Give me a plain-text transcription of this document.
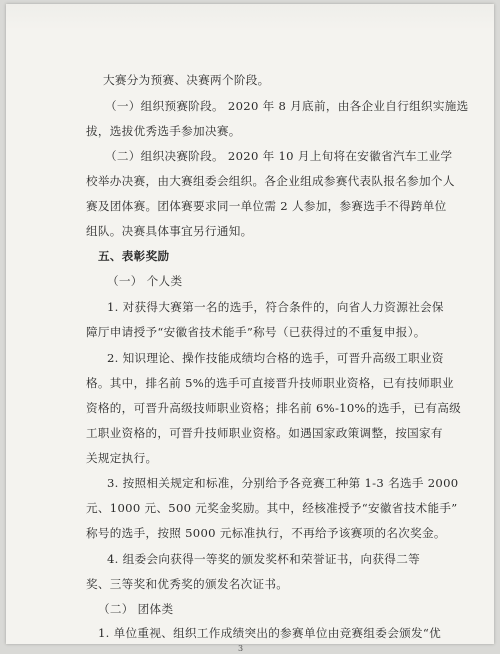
大赛分为预赛、决赛两个阶段。
（一）组织预赛阶段。 2020 年 8 月底前，由各企业自行组织实施选
拔，选拔优秀选手参加决赛。
（二）组织决赛阶段。 2020 年 10 月上旬将在安徽省汽车工业学
校举办决赛，由大赛组委会组织。各企业组成参赛代表队报名参加个人
赛及团体赛。团体赛要求同一单位需 2 人参加，参赛选手不得跨单位
组队。决赛具体事宜另行通知。
五、表彰奖励
（一） 个人类
1. 对获得大赛第一名的选手，符合条件的，向省人力资源社会保
障厅申请授予“安徽省技术能手”称号（已获得过的不重复申报）。
2. 知识理论、操作技能成绩均合格的选手，可晋升高级工职业资
格。其中，排名前 5%的选手可直接晋升技师职业资格，已有技师职业
资格的，可晋升高级技师职业资格；排名前 6%-10%的选手，已有高级
工职业资格的，可晋升技师职业资格。如遇国家政策调整，按国家有
关规定执行。
3. 按照相关规定和标准，分别给予各竞赛工种第 1-3 名选手 2000
元、1000 元、500 元奖金奖励。其中，经核准授予“安徽省技术能手”
称号的选手，按照 5000 元标准执行，不再给予该赛项的名次奖金。
4. 组委会向获得一等奖的颁发奖杯和荣誉证书，向获得二等
奖、三等奖和优秀奖的颁发名次证书。
（二） 团体类
1. 单位重视、组织工作成绩突出的参赛单位由竞赛组委会颁发“优
3
